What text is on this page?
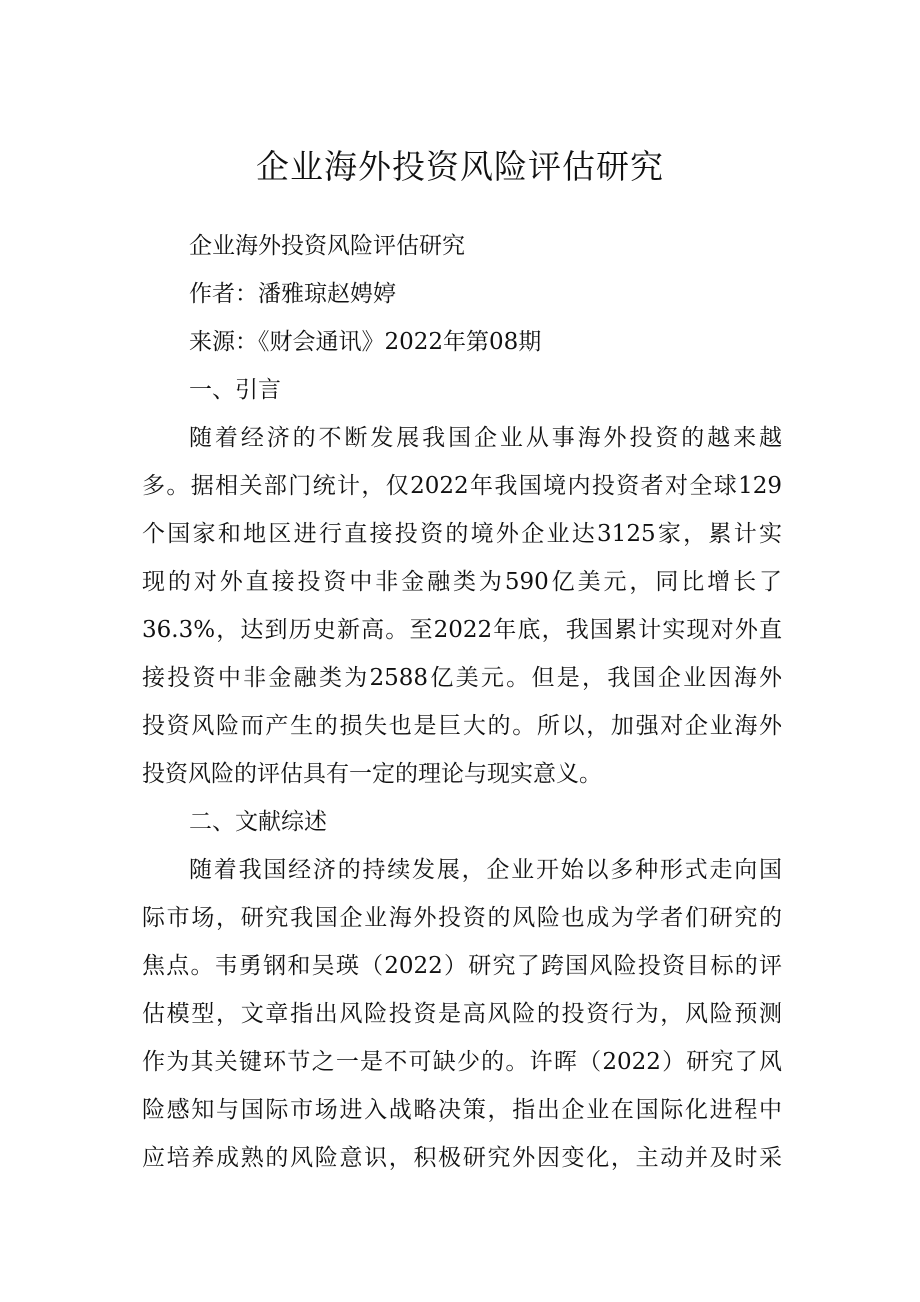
企业海外投资风险评估研究
企业海外投资风险评估研究
作者：潘雅琼赵娉婷
来源：《财会通讯》2022年第08期
一、引言
随着经济的不断发展我国企业从事海外投资的越来越
多。据相关部门统计，仅2022年我国境内投资者对全球129
个国家和地区进行直接投资的境外企业达3125家，累计实
现的对外直接投资中非金融类为590亿美元，同比增长了
36.3%，达到历史新高。至2022年底，我国累计实现对外直
接投资中非金融类为2588亿美元。但是，我国企业因海外
投资风险而产生的损失也是巨大的。所以，加强对企业海外
投资风险的评估具有一定的理论与现实意义。
二、文献综述
随着我国经济的持续发展，企业开始以多种形式走向国
际市场，研究我国企业海外投资的风险也成为学者们研究的
焦点。韦勇钢和吴瑛（2022）研究了跨国风险投资目标的评
估模型，文章指出风险投资是高风险的投资行为，风险预测
作为其关键环节之一是不可缺少的。许晖（2022）研究了风
险感知与国际市场进入战略决策，指出企业在国际化进程中
应培养成熟的风险意识，积极研究外因变化，主动并及时采
